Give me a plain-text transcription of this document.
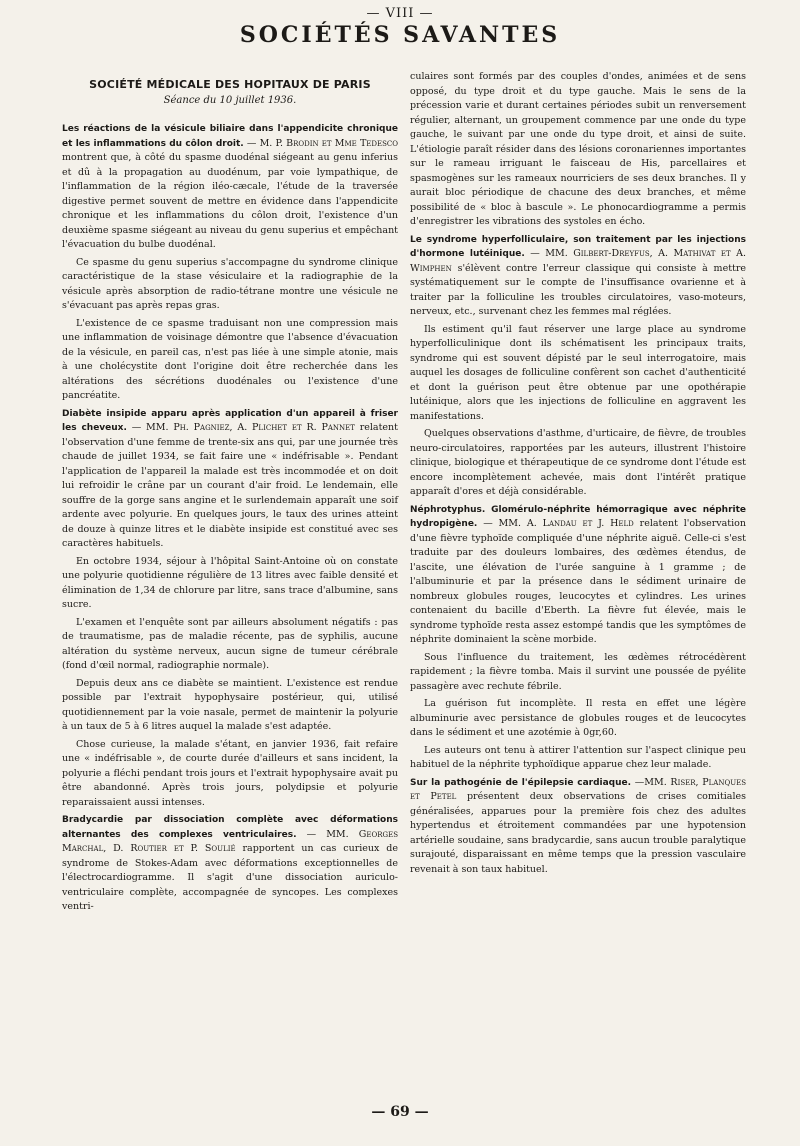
— VIII —
SOCIÉTÉS SAVANTES
SOCIÉTÉ MÉDICALE DES HOPITAUX DE PARIS
Séance du 10 juillet 1936.

Les réactions de la vésicule biliaire dans l'appendicite chronique et les inflammations du côlon droit. — M. P. Brodin et Mme Tedesco montrent que, à côté du spasme duodénal siégeant au genu inferius et dû à la propagation au duodénum, par voie lympathique, de l'inflammation de la région iléo-cæcale, l'étude de la traversée digestive permet souvent de mettre en évidence dans l'appendicite chronique et les inflammations du côlon droit, l'existence d'un deuxième spasme siégeant au niveau du genu superius et empêchant l'évacuation du bulbe duodénal.

Ce spasme du genu superius s'accompagne du syndrome clinique caractéristique de la stase vésiculaire et la radiographie de la vésicule après absorption de radio-tétrane montre une vésicule ne s'évacuant pas après repas gras.

L'existence de ce spasme traduisant non une compression mais une inflammation de voisinage démontre que l'absence d'évacuation de la vésicule, en pareil cas, n'est pas liée à une simple atonie, mais à une cholécystite dont l'origine doit être recherchée dans les altérations des sécrétions duodénales ou l'existence d'une pancréatite.

Diabète insipide apparu après application d'un appareil à friser les cheveux. — MM. Ph. Pagniez, A. Plichet et R. Pannet relatent l'observation d'une femme de trente-six ans qui, par une journée très chaude de juillet 1934, se fait faire une « indéfrisable ». Pendant l'application de l'appareil la malade est très incommodée et on doit lui refroidir le crâne par un courant d'air froid. Le lendemain, elle souffre de la gorge sans angine et le surlendemain apparaît une soif ardente avec polyurie. En quelques jours, le taux des urines atteint de douze à quinze litres et le diabète insipide est constitué avec ses caractères habituels.

En octobre 1934, séjour à l'hôpital Saint-Antoine où on constate une polyurie quotidienne régulière de 13 litres avec faible densité et élimination de 1,34 de chlorure par litre, sans trace d'albumine, sans sucre.

L'examen et l'enquête sont par ailleurs absolument négatifs : pas de traumatisme, pas de maladie récente, pas de syphilis, aucune altération du système nerveux, aucun signe de tumeur cérébrale (fond d'œil normal, radiographie normale).

Depuis deux ans ce diabète se maintient. L'existence est rendue possible par l'extrait hypophysaire postérieur, qui, utilisé quotidiennement par la voie nasale, permet de maintenir la polyurie à un taux de 5 à 6 litres auquel la malade s'est adaptée.

Chose curieuse, la malade s'étant, en janvier 1936, fait refaire une « indéfrisable », de courte durée d'ailleurs et sans incident, la polyurie a fléchi pendant trois jours et l'extrait hypophysaire avait pu être abandonné. Après trois jours, polydipsie et polyurie reparaissaient aussi intenses.

Bradycardie par dissociation complète avec déformations alternantes des complexes ventriculaires. — MM. Georges Marchal, D. Routier et P. Soulié rapportent un cas curieux de syndrome de Stokes-Adam avec déformations exceptionnelles de l'électrocardiogramme. Il s'agit d'une dissociation auriculo-ventriculaire complète, accompagnée de syncopes. Les complexes ventri-

culaires sont formés par des couples d'ondes, animées et de sens opposé, du type droit et du type gauche. Mais le sens de la précession varie et durant certaines périodes subit un renversement régulier, alternant, un groupement commence par une onde du type gauche, le suivant par une onde du type droit, et ainsi de suite. L'étiologie paraît résider dans des lésions coronariennes importantes sur le rameau irriguant le faisceau de His, parcellaires et spasmogènes sur les rameaux nourriciers de ses deux branches. Il y aurait bloc périodique de chacune des deux branches, et même possibilité de « bloc à bascule ». Le phonocardiogramme a permis d'enregistrer les vibrations des systoles en écho.

Le syndrome hyperfolliculaire, son traitement par les injections d'hormone lutéinique. — MM. Gilbert-Dreyfus, A. Mathivat et A. Wimphen s'élèvent contre l'erreur classique qui consiste à mettre systématiquement sur le compte de l'insuffisance ovarienne et à traiter par la folliculine les troubles circulatoires, vaso-moteurs, nerveux, etc., survenant chez les femmes mal réglées.

Ils estiment qu'il faut réserver une large place au syndrome hyperfolliculinique dont ils schématisent les principaux traits, syndrome qui est souvent dépisté par le seul interrogatoire, mais auquel les dosages de folliculine confèrent son cachet d'authenticité et dont la guérison peut être obtenue par une opothérapie lutéinique, alors que les injections de folliculine en aggravent les manifestations.

Quelques observations d'asthme, d'urticaire, de fièvre, de troubles neuro-circulatoires, rapportées par les auteurs, illustrent l'histoire clinique, biologique et thérapeutique de ce syndrome dont l'étude est encore incomplètement achevée, mais dont l'intérêt pratique apparaît d'ores et déjà considérable.

Néphrotyphus. Glomérulo-néphrite hémorragique avec néphrite hydropigène. — MM. A. Landau et J. Held relatent l'observation d'une fièvre typhoïde compliquée d'une néphrite aiguë. Celle-ci s'est traduite par des douleurs lombaires, des œdèmes étendus, de l'ascite, une élévation de l'urée sanguine à 1 gramme ; de l'albuminurie et par la présence dans le sédiment urinaire de nombreux globules rouges, leucocytes et cylindres. Les urines contenaient du bacille d'Eberth. La fièvre fut élevée, mais le syndrome typhoïde resta assez estompé tandis que les symptômes de néphrite dominaient la scène morbide.

Sous l'influence du traitement, les œdèmes rétrocédèrent rapidement ; la fièvre tomba. Mais il survint une poussée de pyélite passagère avec rechute fébrile.

La guérison fut incomplète. Il resta en effet une légère albuminurie avec persistance de globules rouges et de leucocytes dans le sédiment et une azotémie à 0gr,60.

Les auteurs ont tenu à attirer l'attention sur l'aspect clinique peu habituel de la néphrite typhoïdique apparue chez leur malade.

Sur la pathogénie de l'épilepsie cardiaque. —MM. Riser, Planques et Petel présentent deux observations de crises comitiales généralisées, apparues pour la première fois chez des adultes hypertendus et étroitement commandées par une hypotension artérielle soudaine, sans bradycardie, sans aucun trouble paralytique surajouté, disparaissant en même temps que la pression vasculaire revenait à son taux habituel.

— 69 —
